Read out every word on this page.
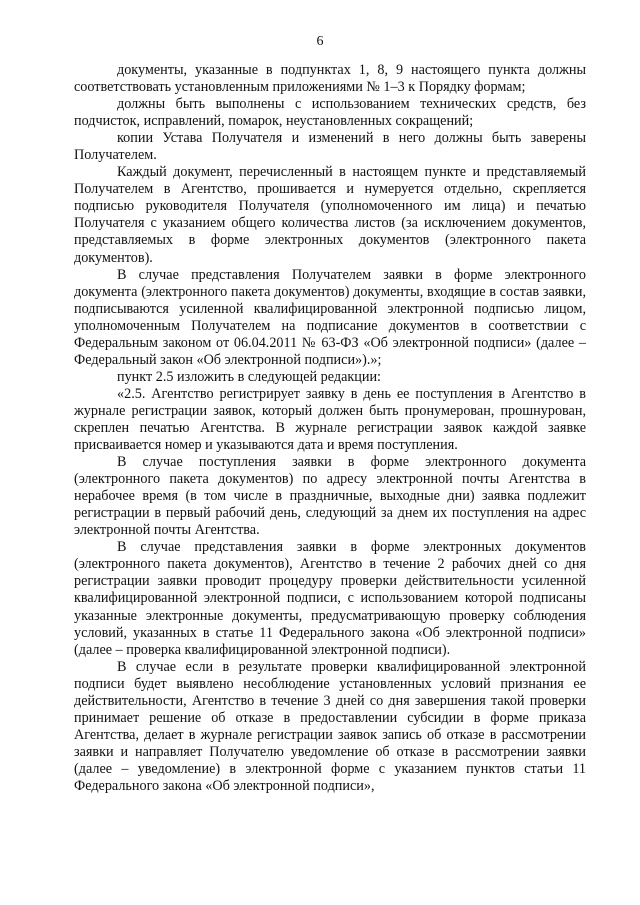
6

документы, указанные в подпунктах 1, 8, 9 настоящего пункта должны соответствовать установленным приложениями № 1–3 к Порядку формам;

должны быть выполнены с использованием технических средств, без подчисток, исправлений, помарок, неустановленных сокращений;

копии Устава Получателя и изменений в него должны быть заверены Получателем.

Каждый документ, перечисленный в настоящем пункте и представляемый Получателем в Агентство, прошивается и нумеруется отдельно, скрепляется подписью руководителя Получателя (уполномоченного им лица) и печатью Получателя с указанием общего количества листов (за исключением документов, представляемых в форме электронных документов (электронного пакета документов).

В случае представления Получателем заявки в форме электронного документа (электронного пакета документов) документы, входящие в состав заявки, подписываются усиленной квалифицированной электронной подписью лицом, уполномоченным Получателем на подписание документов в соответствии с Федеральным законом от 06.04.2011 № 63-ФЗ «Об электронной подписи» (далее – Федеральный закон «Об электронной подписи»).»;

пункт 2.5 изложить в следующей редакции:

«2.5. Агентство регистрирует заявку в день ее поступления в Агентство в журнале регистрации заявок, который должен быть пронумерован, прошнурован, скреплен печатью Агентства. В журнале регистрации заявок каждой заявке присваивается номер и указываются дата и время поступления.

В случае поступления заявки в форме электронного документа (электронного пакета документов) по адресу электронной почты Агентства в нерабочее время (в том числе в праздничные, выходные дни) заявка подлежит регистрации в первый рабочий день, следующий за днем их поступления на адрес электронной почты Агентства.

В случае представления заявки в форме электронных документов (электронного пакета документов), Агентство в течение 2 рабочих дней со дня регистрации заявки проводит процедуру проверки действительности усиленной квалифицированной электронной подписи, с использованием которой подписаны указанные электронные документы, предусматривающую проверку соблюдения условий, указанных в статье 11 Федерального закона «Об электронной подписи» (далее – проверка квалифицированной электронной подписи).

В случае если в результате проверки квалифицированной электронной подписи будет выявлено несоблюдение установленных условий признания ее действительности, Агентство в течение 3 дней со дня завершения такой проверки принимает решение об отказе в предоставлении субсидии в форме приказа Агентства, делает в журнале регистрации заявок запись об отказе в рассмотрении заявки и направляет Получателю уведомление об отказе в рассмотрении заявки (далее – уведомление) в электронной форме с указанием пунктов статьи 11 Федерального закона «Об электронной подписи»,
